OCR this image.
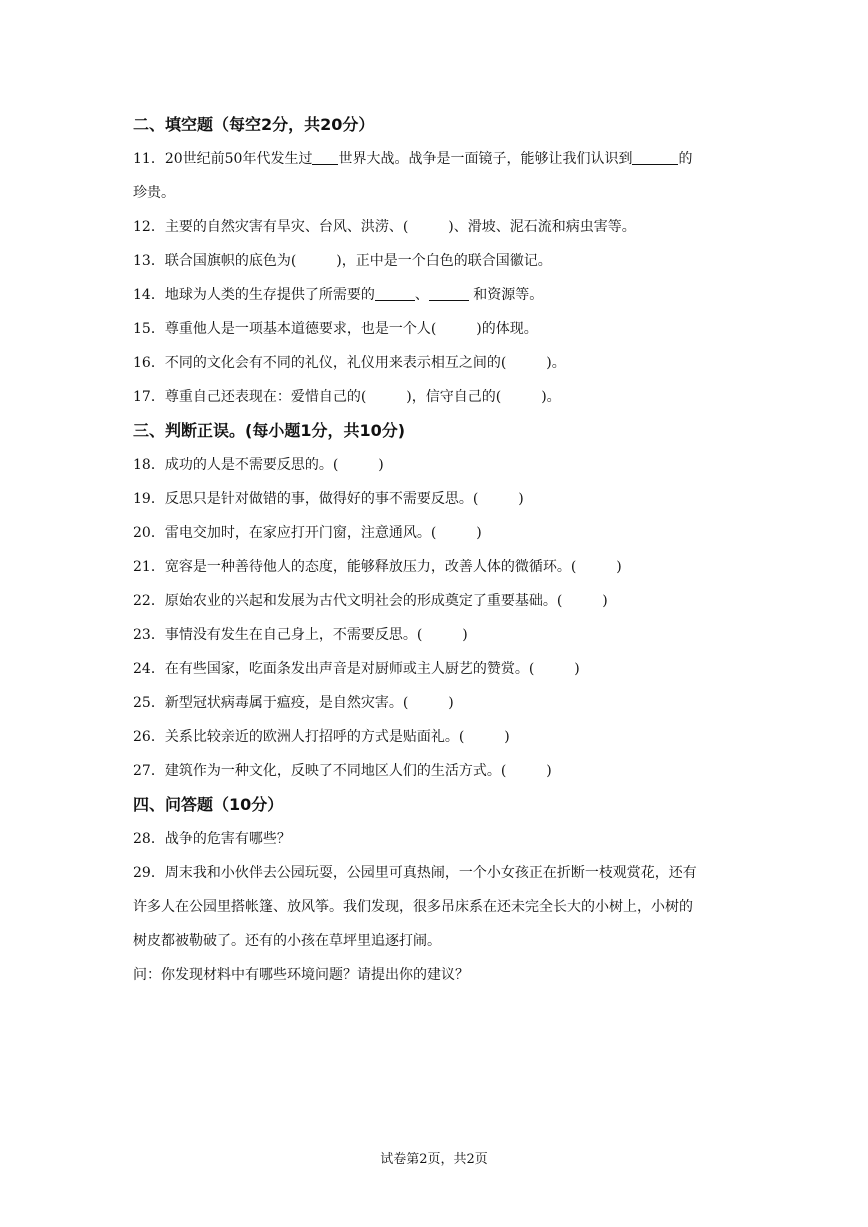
二、填空题（每空2分，共20分）
11．20世纪前50年代发生过 世界大战。战争是一面镜子，能够让我们认识到	的
珍贵。
12．主要的自然灾害有旱灾、台风、洪涝、(	)、滑坡、泥石流和病虫害等。
13．联合国旗帜的底色为(	)，正中是一个白色的联合国徽记。
14．地球为人类的生存提供了所需要的	、	和资源等。
15．尊重他人是一项基本道德要求，也是一个人(	)的体现。
16．不同的文化会有不同的礼仪，礼仪用来表示相互之间的(	)。
17．尊重自己还表现在：爱惜自己的(	)，信守自己的(	)。
三、判断正误。(每小题1分，共10分)
18．成功的人是不需要反思的。(	)
19．反思只是针对做错的事，做得好的事不需要反思。(	)
20．雷电交加时，在家应打开门窗，注意通风。(	)
21．宽容是一种善待他人的态度，能够释放压力，改善人体的微循环。(	)
22．原始农业的兴起和发展为古代文明社会的形成奠定了重要基础。(	)
23．事情没有发生在自己身上，不需要反思。(	)
24．在有些国家，吃面条发出声音是对厨师或主人厨艺的赞赏。(	)
25．新型冠状病毒属于瘟疫，是自然灾害。(	)
26．关系比较亲近的欧洲人打招呼的方式是贴面礼。(	)
27．建筑作为一种文化，反映了不同地区人们的生活方式。(	)
四、问答题（10分）
28．战争的危害有哪些？
29．周末我和小伙伴去公园玩耍，公园里可真热闹，一个小女孩正在折断一枝观赏花，还有
许多人在公园里搭帐篷、放风筝。我们发现，很多吊床系在还未完全长大的小树上，小树的
树皮都被勒破了。还有的小孩在草坪里追逐打闹。
问：你发现材料中有哪些环境问题？请提出你的建议？
试卷第2页，共2页
